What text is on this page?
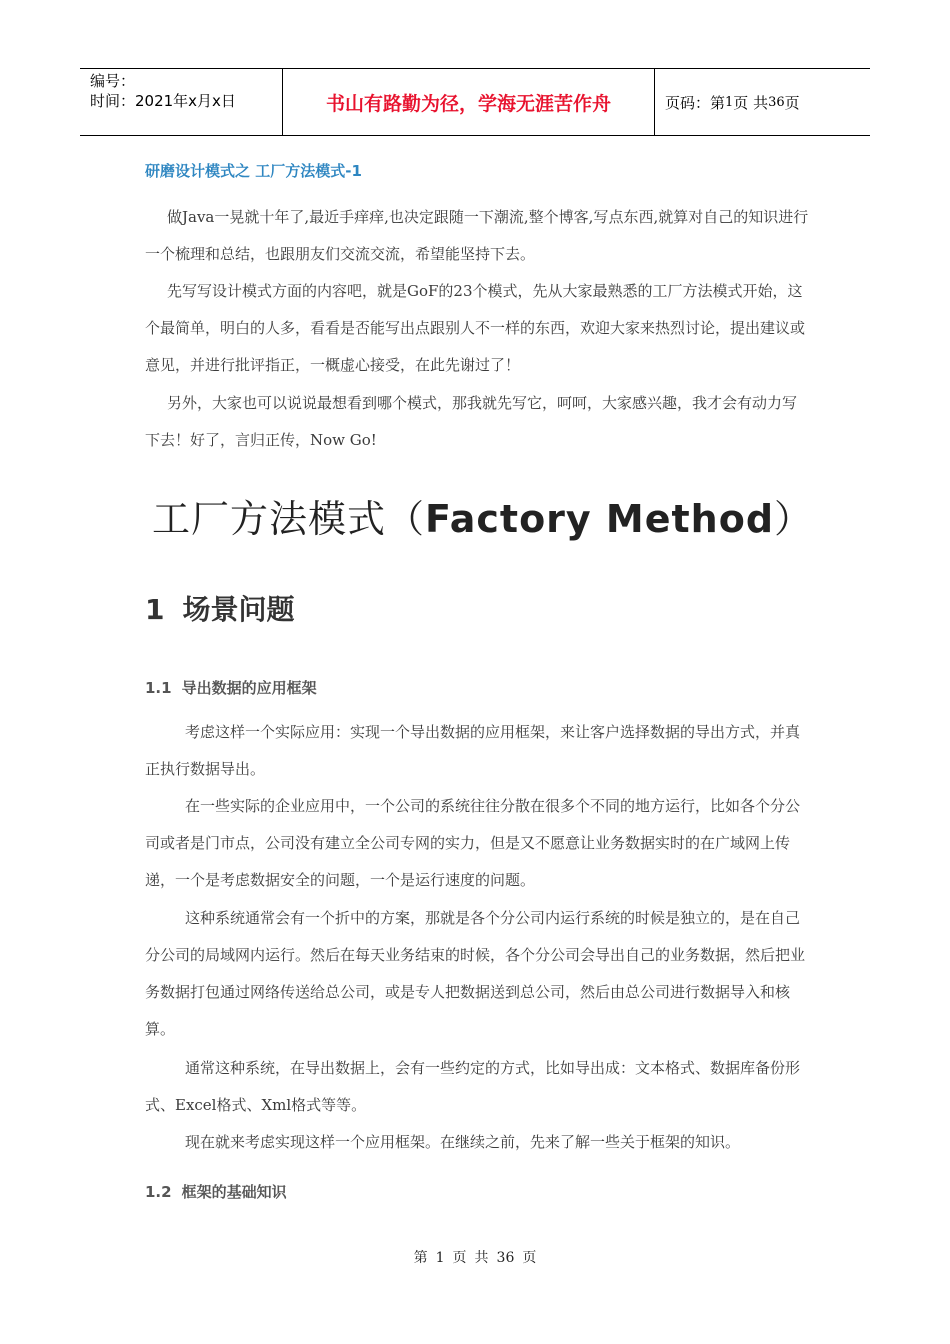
编号：
时间：2021年x月x日	书山有路勤为径，学海无涯苦作舟	页码：第 1 页 共 36 页
研磨设计模式之 工厂方法模式-1

做Java一晃就十年了,最近手痒痒,也决定跟随一下潮流,整个博客,写点东西,就算对自己的知识进行一个梳理和总结，也跟朋友们交流交流，希望能坚持下去。

先写写设计模式方面的内容吧，就是GoF的23个模式，先从大家最熟悉的工厂方法模式开始，这个最简单，明白的人多，看看是否能写出点跟别人不一样的东西，欢迎大家来热烈讨论，提出建议或意见，并进行批评指正，一概虚心接受，在此先谢过了！

另外，大家也可以说说最想看到哪个模式，那我就先写它，呵呵，大家感兴趣，我才会有动力写下去！好了，言归正传，Now Go!

工厂方法模式（Factory Method）
1 场景问题
1.1 导出数据的应用框架

考虑这样一个实际应用：实现一个导出数据的应用框架，来让客户选择数据的导出方式，并真正执行数据导出。

在一些实际的企业应用中，一个公司的系统往往分散在很多个不同的地方运行，比如各个分公司或者是门市点，公司没有建立全公司专网的实力，但是又不愿意让业务数据实时的在广域网上传递，一个是考虑数据安全的问题，一个是运行速度的问题。

这种系统通常会有一个折中的方案，那就是各个分公司内运行系统的时候是独立的，是在自己分公司的局域网内运行。然后在每天业务结束的时候，各个分公司会导出自己的业务数据，然后把业务数据打包通过网络传送给总公司，或是专人把数据送到总公司，然后由总公司进行数据导入和核算。

通常这种系统，在导出数据上，会有一些约定的方式，比如导出成：文本格式、数据库备份形式、Excel格式、Xml格式等等。

现在就来考虑实现这样一个应用框架。在继续之前，先来了解一些关于框架的知识。

1.2 框架的基础知识
第 1 页 共 36 页
